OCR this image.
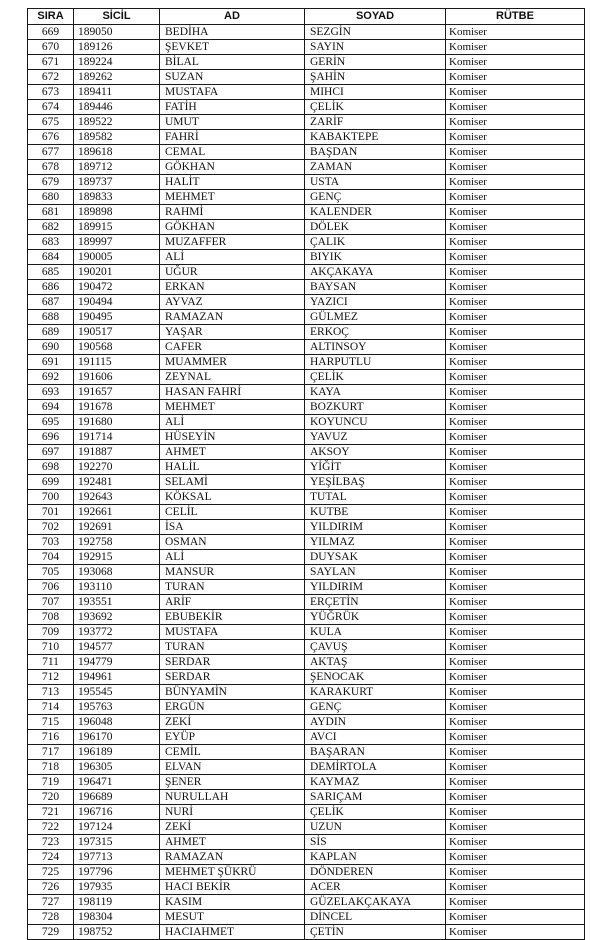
SIRA	SİCİL	AD	SOYAD	RÜTBE
669	189050	BEDİHA	SEZGİN	Komiser
670	189126	ŞEVKET	SAYIN	Komiser
671	189224	BİLAL	GERİN	Komiser
672	189262	SUZAN	ŞAHİN	Komiser
673	189411	MUSTAFA	MIHCI	Komiser
674	189446	FATİH	ÇELİK	Komiser
675	189522	UMUT	ZARİF	Komiser
676	189582	FAHRİ	KABAKTEPE	Komiser
677	189618	CEMAL	BAŞDAN	Komiser
678	189712	GÖKHAN	ZAMAN	Komiser
679	189737	HALİT	USTA	Komiser
680	189833	MEHMET	GENÇ	Komiser
681	189898	RAHMİ	KALENDER	Komiser
682	189915	GÖKHAN	DÖLEK	Komiser
683	189997	MUZAFFER	ÇALIK	Komiser
684	190005	ALİ	BIYIK	Komiser
685	190201	UĞUR	AKÇAKAYA	Komiser
686	190472	ERKAN	BAYSAN	Komiser
687	190494	AYVAZ	YAZICI	Komiser
688	190495	RAMAZAN	GÜLMEZ	Komiser
689	190517	YAŞAR	ERKOÇ	Komiser
690	190568	CAFER	ALTINSOY	Komiser
691	191115	MUAMMER	HARPUTLU	Komiser
692	191606	ZEYNAL	ÇELİK	Komiser
693	191657	HASAN FAHRİ	KAYA	Komiser
694	191678	MEHMET	BOZKURT	Komiser
695	191680	ALİ	KOYUNCU	Komiser
696	191714	HÜSEYİN	YAVUZ	Komiser
697	191887	AHMET	AKSOY	Komiser
698	192270	HALİL	YİĞİT	Komiser
699	192481	SELAMİ	YEŞİLBAŞ	Komiser
700	192643	KÖKSAL	TUTAL	Komiser
701	192661	CELİL	KUTBE	Komiser
702	192691	İSA	YILDIRIM	Komiser
703	192758	OSMAN	YILMAZ	Komiser
704	192915	ALİ	DUYSAK	Komiser
705	193068	MANSUR	SAYLAN	Komiser
706	193110	TURAN	YILDIRIM	Komiser
707	193551	ARİF	ERÇETİN	Komiser
708	193692	EBUBEKİR	YÜĞRÜK	Komiser
709	193772	MUSTAFA	KULA	Komiser
710	194577	TURAN	ÇAVUŞ	Komiser
711	194779	SERDAR	AKTAŞ	Komiser
712	194961	SERDAR	ŞENOCAK	Komiser
713	195545	BÜNYAMİN	KARAKURT	Komiser
714	195763	ERGÜN	GENÇ	Komiser
715	196048	ZEKİ	AYDIN	Komiser
716	196170	EYÜP	AVCI	Komiser
717	196189	CEMİL	BAŞARAN	Komiser
718	196305	ELVAN	DEMİRTOLA	Komiser
719	196471	ŞENER	KAYMAZ	Komiser
720	196689	NURULLAH	SARIÇAM	Komiser
721	196716	NURİ	ÇELİK	Komiser
722	197124	ZEKİ	UZUN	Komiser
723	197315	AHMET	SİS	Komiser
724	197713	RAMAZAN	KAPLAN	Komiser
725	197796	MEHMET ŞÜKRÜ	DÖNDEREN	Komiser
726	197935	HACI BEKİR	ACER	Komiser
727	198119	KASIM	GÜZELAKÇAKAYA	Komiser
728	198304	MESUT	DİNCEL	Komiser
729	198752	HACIAHMET	ÇETİN	Komiser
